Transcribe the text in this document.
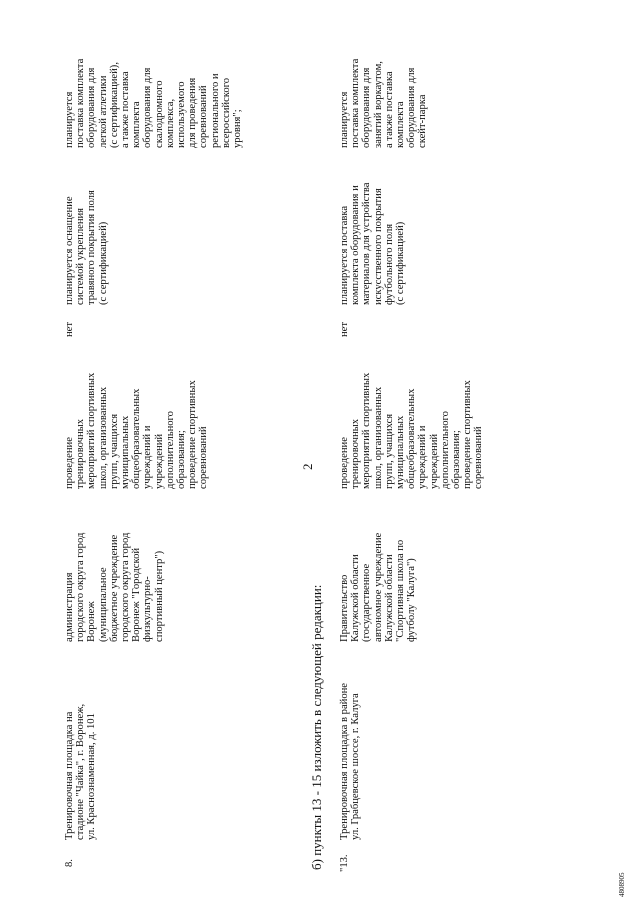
2
8.
Тренировочная площадка на
стадионе "Чайка", г. Воронеж,
ул. Краснознаменная, д. 101
администрация
городского округа город
Воронеж
(муниципальное
бюджетное учреждение
городского округа город
Воронеж "Городской
физкультурно-
спортивный центр")
проведение
тренировочных
мероприятий спортивных
школ, организованных
групп, учащихся
муниципальных
общеобразовательных
учреждений и
учреждений
дополнительного
образования;
проведение спортивных
соревнований
нет
планируется оснащение
системой укрепления
травяного покрытия поля
(с сертификацией)
планируется
поставка комплекта
оборудования для
легкой атлетики
(с сертификацией),
а также поставка
комплекта
оборудования для
скалодромного
комплекса,
используемого
для проведения
соревнований
регионального и
всероссийского
уровня";
б) пункты 13 - 15 изложить в следующей редакции: "13.
Тренировочная площадка в районе
ул. Грабцевское шоссе, г. Калуга
Правительство
Калужской области
(государственное
автономное учреждение
Калужской области
"Спортивная школа по
футболу "Калуга")
проведение
тренировочных
мероприятий спортивных
школ, организованных
групп, учащихся
муниципальных
общеобразовательных
учреждений и
учреждений
дополнительного
образования;
проведение спортивных
соревнований
нет
планируется поставка
комплекта оборудования и
материалов для устройства
искусственного покрытия
футбольного поля
(с сертификацией)
планируется
поставка комплекта
оборудования для
занятий воркаутом,
а также поставка
комплекта
оборудования для
скейт-парка
4808905
